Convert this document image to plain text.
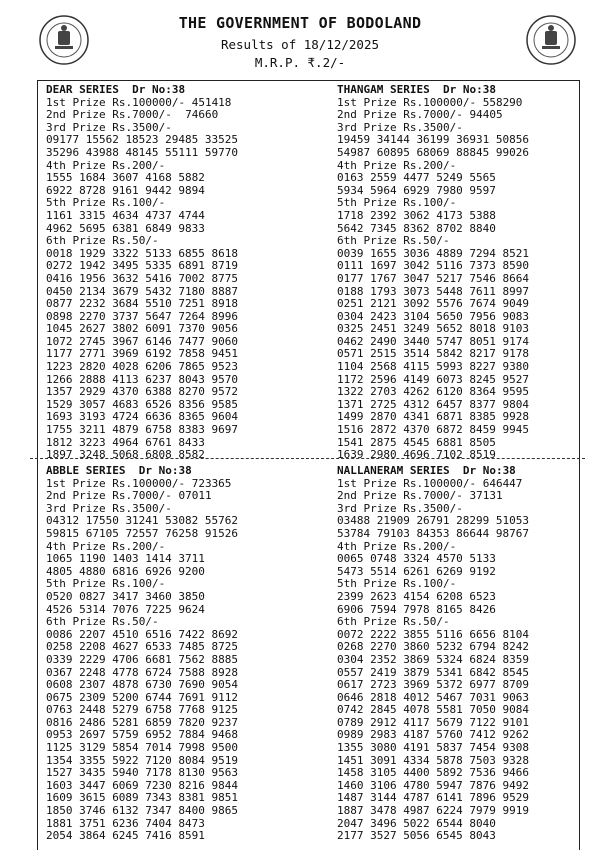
THE GOVERNMENT OF BODOLAND
Results of 18/12/2025
M.R.P. ₹.2/-
DEAR SERIES  Dr No:38
1st Prize Rs.100000/- 451418
2nd Prize Rs.7000/-  74660
3rd Prize Rs.3500/-
09177 15562 18523 29485 33525
35296 43988 48145 55111 59770
4th Prize Rs.200/-
1555 1684 3607 4168 5882
6922 8728 9161 9442 9894
5th Prize Rs.100/-
1161 3315 4634 4737 4744
4962 5695 6381 6849 9833
6th Prize Rs.50/-
0018 1929 3322 5133 6855 8618
0272 1942 3495 5335 6891 8719
0416 1956 3632 5416 7002 8775
0450 2134 3679 5432 7180 8887
0877 2232 3684 5510 7251 8918
0898 2270 3737 5647 7264 8996
1045 2627 3802 6091 7370 9056
1072 2745 3967 6146 7477 9060
1177 2771 3969 6192 7858 9451
1223 2820 4028 6206 7865 9523
1266 2888 4113 6237 8043 9570
1357 2929 4370 6388 8270 9572
1529 3057 4683 6526 8356 9585
1693 3193 4724 6636 8365 9604
1755 3211 4879 6758 8383 9697
1812 3223 4964 6761 8433
1897 3248 5068 6808 8582
THANGAM SERIES  Dr No:38
1st Prize Rs.100000/- 558290
2nd Prize Rs.7000/- 94405
3rd Prize Rs.3500/-
19459 34144 36199 36931 50856
54987 60895 68069 88845 99026
4th Prize Rs.200/-
0163 2559 4477 5249 5565
5934 5964 6929 7980 9597
5th Prize Rs.100/-
1718 2392 3062 4173 5388
5642 7345 8362 8702 8840
6th Prize Rs.50/-
0039 1655 3036 4889 7294 8521
0111 1697 3042 5116 7373 8590
0177 1767 3047 5217 7546 8664
0188 1793 3073 5448 7611 8997
0251 2121 3092 5576 7674 9049
0304 2423 3104 5650 7956 9083
0325 2451 3249 5652 8018 9103
0462 2490 3440 5747 8051 9174
0571 2515 3514 5842 8217 9178
1104 2568 4115 5993 8227 9380
1172 2596 4149 6073 8245 9527
1322 2703 4262 6120 8364 9595
1371 2725 4312 6457 8377 9804
1499 2870 4341 6871 8385 9928
1516 2872 4370 6872 8459 9945
1541 2875 4545 6881 8505
1639 2980 4696 7102 8519
ABBLE SERIES  Dr No:38
1st Prize Rs.100000/- 723365
2nd Prize Rs.7000/- 07011
3rd Prize Rs.3500/-
04312 17550 31241 53082 55762
59815 67105 72557 76258 91526
4th Prize Rs.200/-
1065 1190 1403 1414 3711
4805 4880 6816 6926 9200
5th Prize Rs.100/-
0520 0827 3417 3460 3850
4526 5314 7076 7225 9624
6th Prize Rs.50/-
0086 2207 4510 6516 7422 8692
0258 2208 4627 6533 7485 8725
0339 2229 4706 6681 7562 8885
0367 2248 4778 6724 7588 8928
0608 2307 4878 6730 7690 9054
0675 2309 5200 6744 7691 9112
0763 2448 5279 6758 7768 9125
0816 2486 5281 6859 7820 9237
0953 2697 5759 6952 7884 9468
1125 3129 5854 7014 7998 9500
1354 3355 5922 7120 8084 9519
1527 3435 5940 7178 8130 9563
1603 3447 6069 7230 8216 9844
1609 3615 6089 7343 8381 9851
1850 3746 6132 7347 8400 9865
1881 3751 6236 7404 8473
2054 3864 6245 7416 8591
NALLANERAM SERIES  Dr No:38
1st Prize Rs.100000/- 646447
2nd Prize Rs.7000/- 37131
3rd Prize Rs.3500/-
03488 21909 26791 28299 51053
53784 79103 84353 86644 98767
4th Prize Rs.200/-
0065 0748 3324 4570 5133
5473 5514 6261 6269 9192
5th Prize Rs.100/-
2399 2623 4154 6208 6523
6906 7594 7978 8165 8426
6th Prize Rs.50/-
0072 2222 3855 5116 6656 8104
0268 2270 3860 5232 6794 8242
0304 2352 3869 5324 6824 8359
0557 2419 3879 5341 6842 8545
0617 2723 3969 5372 6977 8709
0646 2818 4012 5467 7031 9063
0742 2845 4078 5581 7050 9084
0789 2912 4117 5679 7122 9101
0989 2983 4187 5760 7412 9262
1355 3080 4191 5837 7454 9308
1451 3091 4334 5878 7503 9328
1458 3105 4400 5892 7536 9466
1460 3106 4780 5947 7876 9492
1487 3144 4787 6141 7896 9529
1887 3478 4987 6224 7979 9919
2047 3496 5022 6544 8040
2177 3527 5056 6545 8043
